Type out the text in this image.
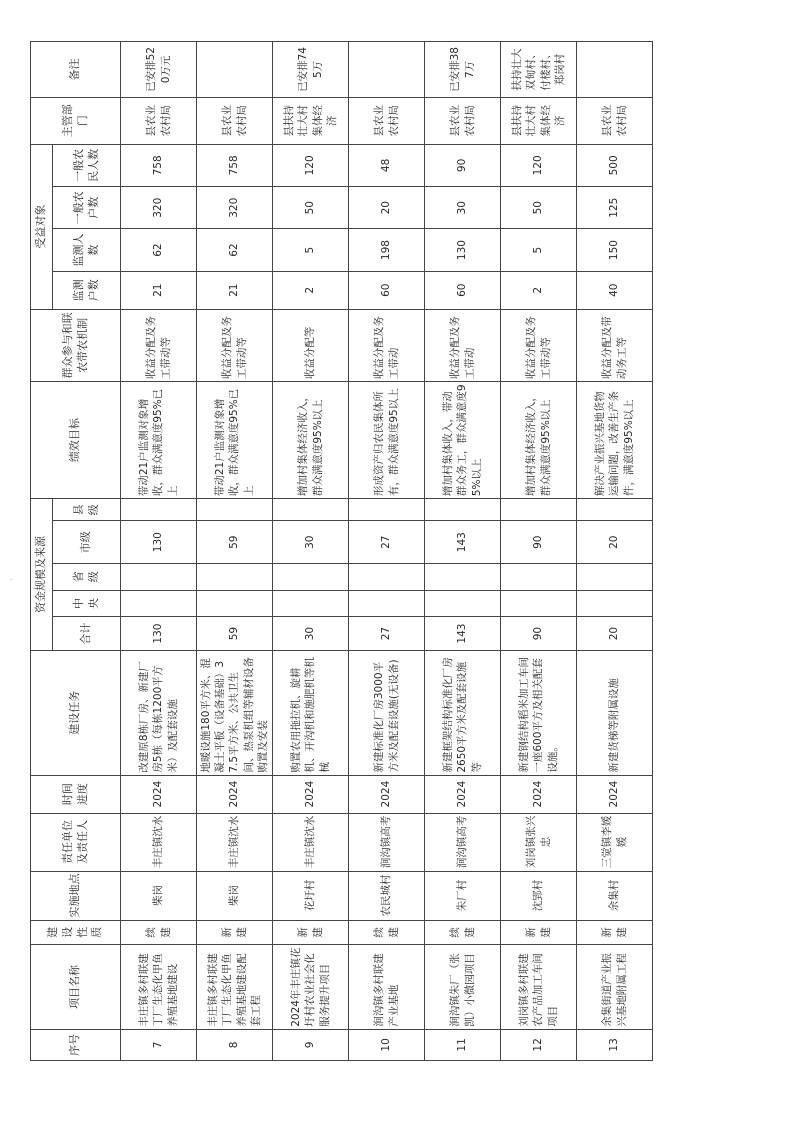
.
序号	项目名称	建设性质	实施地点	责任单位及责任人	时间进度	建设任务	资金规模及来源					绩效目标	群众参与和联农带农机制	受益对象				主管部门	备注
							合计	中央	省级	市级	县级			监测户数	监测人数	一般农户数	一般农民人数		

7	丰庄镇多村联建丁厂生态化甲鱼养殖基地建设	续建	柴岗	丰庄镇沈水	2024	改建原8栋厂房、新建厂房5栋（每栋1200平方米）及配套设施	130			130		带动21户监测对象增收，群众满意度95%已上	收益分配及务工带动等	21	62	320	758	县农业农村局	已安排520万元
8	丰庄镇多村联建丁厂生态化甲鱼养殖基地建设配套工程	新建	柴岗	丰庄镇沈水	2024	地暖设施180平方米、混凝土平板（设备基础）37.5平方米、公共卫生间、热泵机组等辅材设备购置及安装	59			59		带动21户监测对象增收，群众满意度95%已上	收益分配及务工带动等	21	62	320	758	县农业农村局	
9	2024年丰庄镇花圩村农业社会化服务提升项目	新建	花圩村	丰庄镇沈水	2024	购置农用拖拉机、旋耕机、开沟机和施肥机等机械	30			30		增加村集体经济收入，群众满意度95%以上	收益分配等	2	5	50	120	县扶持壮大村集体经济	已安排745万
10	涧沟镇多村联建产业基地	续建	农民城村	涧沟镇高考	2024	新建标准化厂房3000平方米及配套设施(无设备)	27			27		形成资产归农民集体所有，群众满意度95以上	收益分配及务工带动	60	198	20	48	县农业农村局	
11	涧沟镇朱厂（张凯）小微园项目	续建	朱厂村	涧沟镇高考	2024	新建框架结构标准化厂房2650平方米及配套设施等	143			143		增加村集体收入，带动群众务工，群众满意度95%以上	收益分配及务工带动	60	130	30	90	县农业农村局	已安排387万
12	刘岗镇多村联建农产品加工车间项目	新建	沈郢村	刘岗镇张兴忠	2024	新建钢结构稻米加工车间一座600平方及相关配套设施。	90			90		增加村集体经济收入，群众满意度95%以上	收益分配及务工带动等	2	5	50	120	县扶持壮大村集体经济	扶持壮大双甸村、付楼村、郑岗村
13	余集街道产业振兴基地附属工程	新建	余集村	三觉镇李媛媛	2024	新建货梯等附属设施	20			20		解决产业振兴基地货物运输问题，改善生产条件，满意度95%以上	收益分配及带动务工等	40	150	125	500	县农业农村局	
